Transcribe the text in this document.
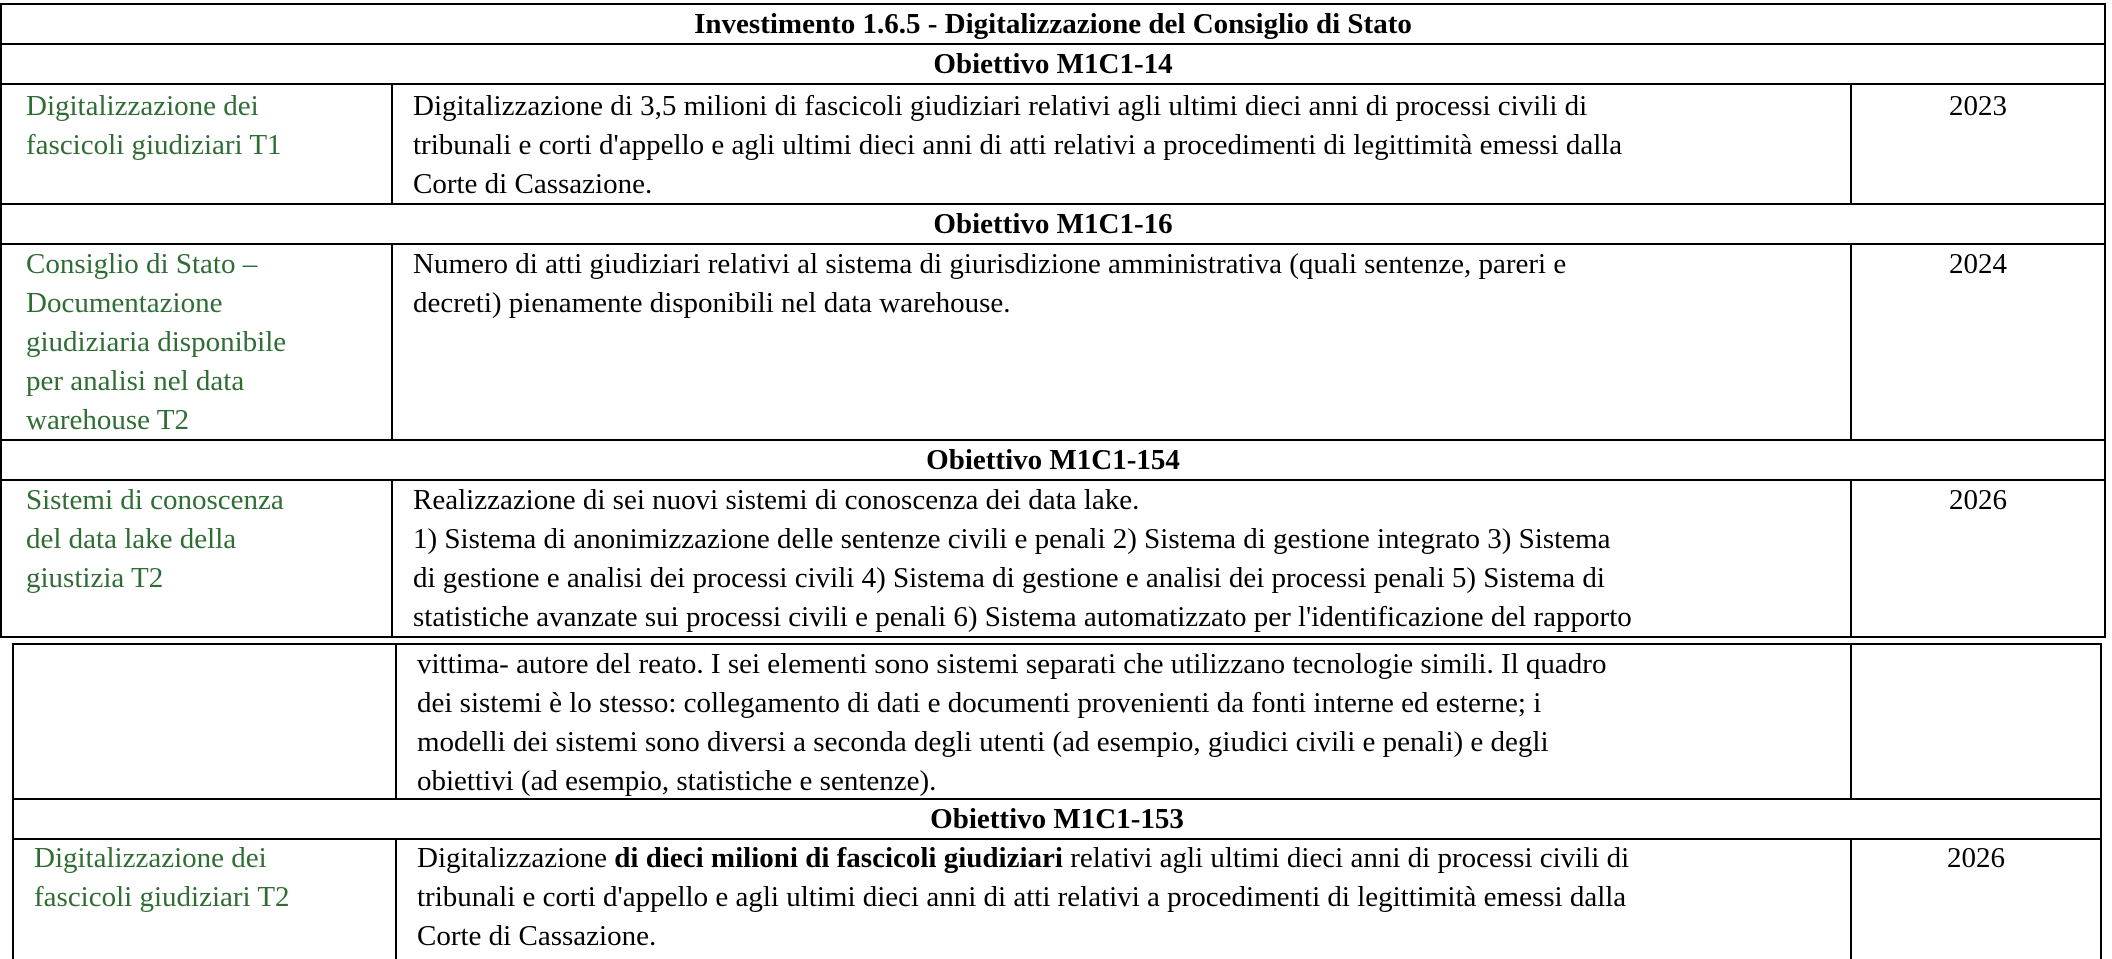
Investimento 1.6.5 - Digitalizzazione del Consiglio di Stato
Obiettivo M1C1-14
Digitalizzazione dei
fascicoli giudiziari T1
Digitalizzazione di 3,5 milioni di fascicoli giudiziari relativi agli ultimi dieci anni di processi civili di
tribunali e corti d'appello e agli ultimi dieci anni di atti relativi a procedimenti di legittimità emessi dalla
Corte di Cassazione.
2023
Obiettivo M1C1-16
Consiglio di Stato –
Documentazione
giudiziaria disponibile
per analisi nel data
warehouse T2
Numero di atti giudiziari relativi al sistema di giurisdizione amministrativa (quali sentenze, pareri e
decreti) pienamente disponibili nel data warehouse.
2024
Obiettivo M1C1-154
Sistemi di conoscenza
del data lake della
giustizia T2
Realizzazione di sei nuovi sistemi di conoscenza dei data lake.
1) Sistema di anonimizzazione delle sentenze civili e penali 2) Sistema di gestione integrato 3) Sistema
di gestione e analisi dei processi civili 4) Sistema di gestione e analisi dei processi penali 5) Sistema di
statistiche avanzate sui processi civili e penali 6) Sistema automatizzato per l'identificazione del rapporto
2026
vittima- autore del reato. I sei elementi sono sistemi separati che utilizzano tecnologie simili. Il quadro
dei sistemi è lo stesso: collegamento di dati e documenti provenienti da fonti interne ed esterne; i
modelli dei sistemi sono diversi a seconda degli utenti (ad esempio, giudici civili e penali) e degli
obiettivi (ad esempio, statistiche e sentenze).
Obiettivo M1C1-153
Digitalizzazione dei
fascicoli giudiziari T2
Digitalizzazione di dieci milioni di fascicoli giudiziari relativi agli ultimi dieci anni di processi civili di
tribunali e corti d'appello e agli ultimi dieci anni di atti relativi a procedimenti di legittimità emessi dalla
Corte di Cassazione.
2026
